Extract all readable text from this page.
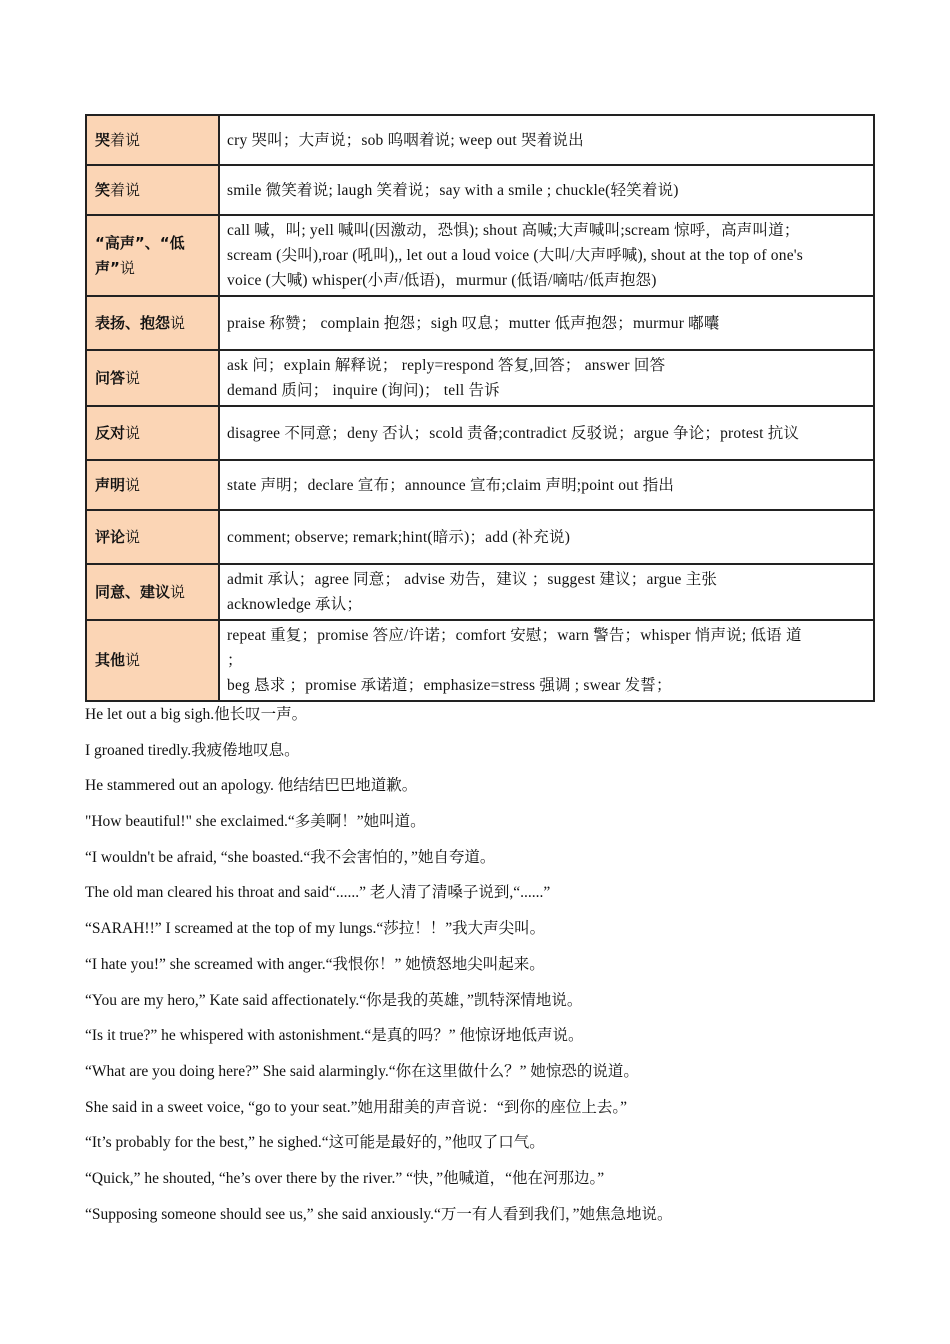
哭着说	cry 哭叫；大声说；sob 呜咽着说; weep out 哭着说出

笑着说	smile 微笑着说; laugh 笑着说；say with a smile ; chuckle(轻笑着说)

“高声”、“低声”说	call 喊，叫; yell 喊叫(因激动，恐惧); shout 高喊;大声喊叫;scream 惊呼，高声叫道；
scream (尖叫),roar (吼叫),, let out a loud voice (大叫/大声呼喊), shout at the top of one's
voice (大喊) whisper(小声/低语)，murmur (低语/嘀咕/低声抱怨)

表扬、抱怨说	praise 称赞； complain 抱怨；sigh 叹息；mutter 低声抱怨；murmur 嘟囔

问答说	ask 问；explain 解释说； reply=respond 答复,回答； answer 回答
demand 质问； inquire (询问)； tell 告诉

反对说	disagree 不同意；deny 否认；scold 责备;contradict 反驳说；argue 争论；protest 抗议

声明说	state 声明；declare 宣布；announce 宣布;claim 声明;point out 指出

评论说	comment; observe; remark;hint(暗示)；add (补充说)

同意、建议说	admit 承认；agree 同意； advise 劝告，建议 ；suggest 建议；argue 主张
acknowledge 承认；

其他说	repeat 重复；promise 答应/许诺；comfort 安慰；warn 警告；whisper 悄声说; 低语 道
；
beg 恳求 ；promise 承诺道；emphasize=stress 强调 ; swear 发誓；

He let out a big sigh.他长叹一声。

I groaned tiredly.我疲倦地叹息。

He stammered out an apology. 他结结巴巴地道歉。

"How beautiful!" she exclaimed.“多美啊！”她叫道。

“I wouldn't be afraid, “she boasted.“我不会害怕的，”她自夸道。

The old man cleared his throat and said“......” 老人清了清嗓子说到,“......”

“SARAH!!” I screamed at the top of my lungs.“莎拉！！”我大声尖叫。

“I hate you!” she screamed with anger.“我恨你！” 她愤怒地尖叫起来。

“You are my hero,” Kate said affectionately.“你是我的英雄，”凯特深情地说。

“Is it true?” he whispered with astonishment.“是真的吗？” 他惊讶地低声说。

“What are you doing here?” She said alarmingly.“你在这里做什么？” 她惊恐的说道。

She said in a sweet voice, “go to your seat.”她用甜美的声音说：“到你的座位上去。”

“It’s probably for the best,” he sighed.“这可能是最好的，”他叹了口气。

“Quick,” he shouted, “he’s over there by the river.” “快，”他喊道，“他在河那边。”

“Supposing someone should see us,” she said anxiously.“万一有人看到我们，”她焦急地说。
